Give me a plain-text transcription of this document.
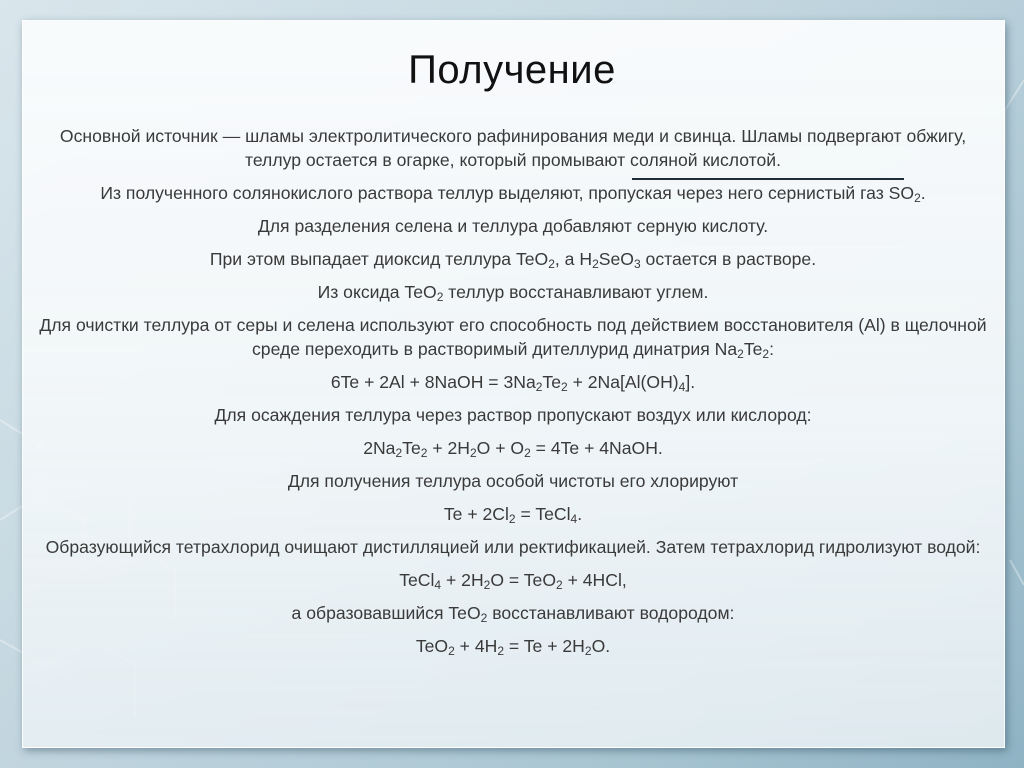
Получение
Основной источник — шламы электролитического рафинирования меди и свинца. Шламы подвергают обжигу, теллур остается в огарке, который промывают соляной кислотой.
Из полученного солянокислого раствора теллур выделяют, пропуская через него сернистый газ $SO_2$.
Для разделения селена и теллура добавляют серную кислоту.
При этом выпадает диоксид теллура TeO$_2$, а $H_2SeO_3$ остается в растворе.
Из оксида TeO$_2$ теллур восстанавливают углем.
Для очистки теллура от серы и селена используют его способность под действием восстановителя (Al) в щелочной среде переходить в растворимый дителлурид динатрия $Na_2Te_2$:
6Te + 2Al + 8NaOH = $3Na_2Te_2 + 2Na[Al(OH)_4]$.
Для осаждения теллура через раствор пропускают воздух или кислород:
$2Na_2Te_2 + 2H_2O + O_2 = 4Te$ + 4NaOH.
Для получения теллура особой чистоты его хлорируют
$Te + 2Cl_2$ = TeCl$_4$.
Образующийся тетрахлорид очищают дистилляцией или ректификацией. Затем тетрахлорид гидролизуют водой:
TeCl$_4$ + $2H_2O = TeO_2 + 4HCl$,
а образовавшийся TeO$_2$ восстанавливают водородом:
$TeO_2 + 4H_2 = Te + 2H_2O$.
